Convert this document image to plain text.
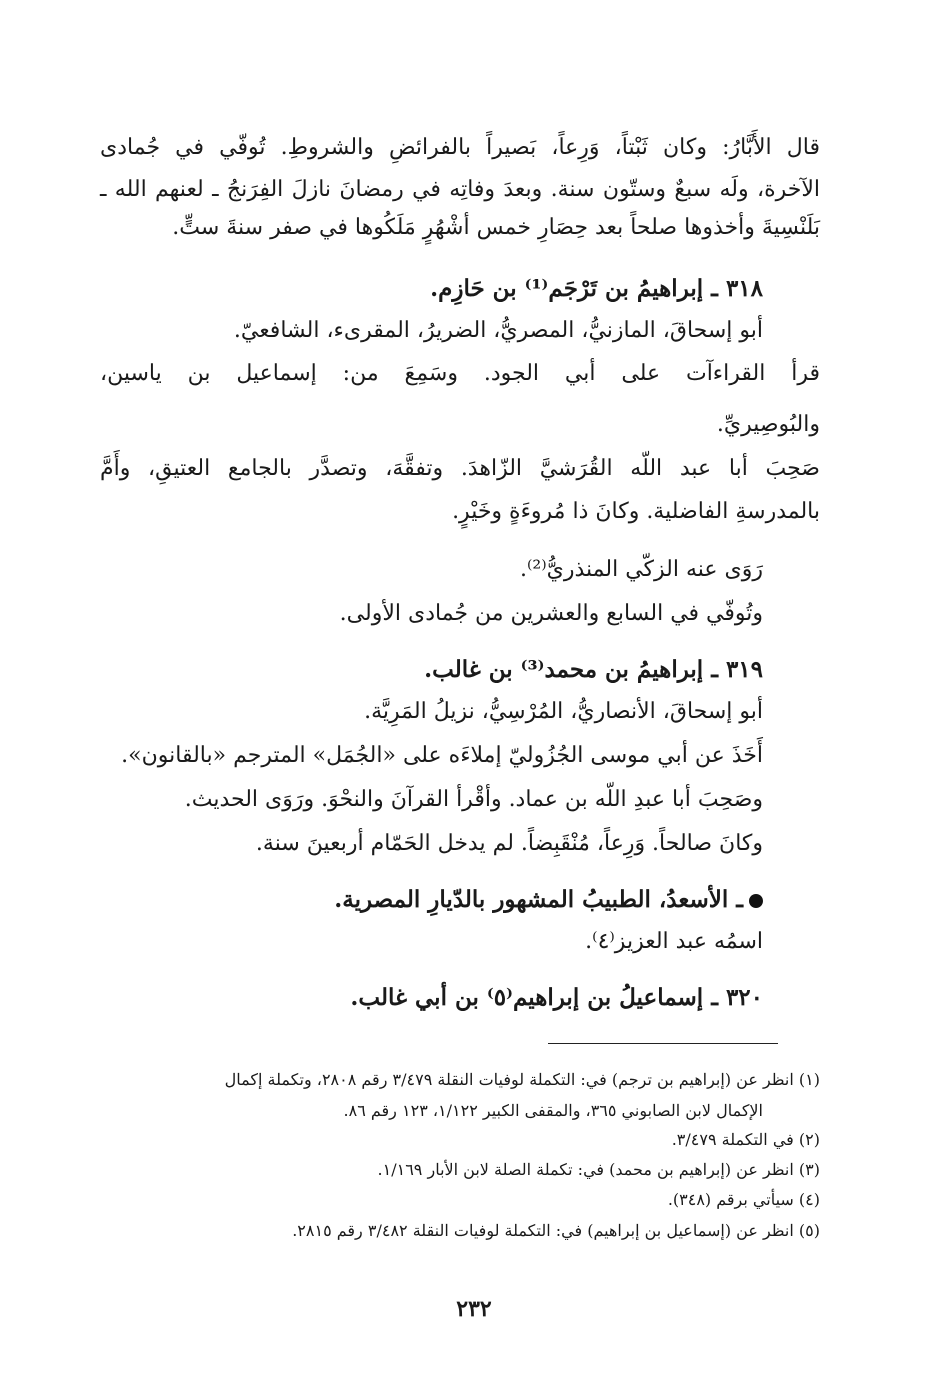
قال الأَبَّارُ: وكان ثَبْتاً، وَرِعاً، بَصيراً بالفرائضِ والشروطِ. تُوفّي في جُمادى
الآخرة، ولَه سبعٌ وستّون سنة. وبعدَ وفاتِه في رمضانَ نازلَ الفِرَنجُ ـ لعنهم الله ـ
بَلَنْسِيةَ وأخذوها صلحاً بعد حِصَارِ خمس أشْهُرٍ مَلَكُوها في صفر سنةَ ستٍّ.
٣١٨ ـ إبراهيمُ بن تَرْجَم⁽¹⁾ بن حَازِم.
أبو إسحاقَ، المازنيُّ، المصريُّ، الضريرُ، المقرىء، الشافعيّ.
قرأ القراءآت على أبي الجود. وسَمِعَ من: إسماعيل بن ياسين،
والبُوصِيريِّ.
صَحِبَ أبا عبد اللّه القُرَشيَّ الزّاهدَ. وتفقَّهَ، وتصدَّر بالجامع العتيقِ، وأَمَّ
بالمدرسةِ الفاضلية. وكانَ ذا مُروءَةٍ وخَيْرٍ.
رَوَى عنه الزكّي المنذريُّ⁽²⁾.
وتُوفّي في السابع والعشرين من جُمادى الأولى.
٣١٩ ـ إبراهيمُ بن محمد⁽³⁾ بن غالب.
أبو إسحاقَ، الأنصاريُّ، المُرْسِيُّ، نزيلُ المَرِيَّة.
أَخَذَ عن أبي موسى الجُزُوليّ إملاءَه على «الجُمَل» المترجم «بالقانون».
وصَحِبَ أبا عبدِ اللّه بن عماد. وأقْرأ القرآنَ والنحْوَ. ورَوَى الحديث.
وكانَ صالحاً. وَرِعاً، مُنْقَبِضاً. لم يدخل الحَمّام أربعينَ سنة.
ـ الأسعدُ، الطبيبُ المشهور بالدّيارِ المصرية.
اسمُه عبد العزيز⁽٤⁾.
٣٢٠ ـ إسماعيلُ بن إبراهيم⁽٥⁾ بن أبي غالب.
(١) انظر عن (إبراهيم بن ترجم) في: التكملة لوفيات النقلة ٣/٤٧٩ رقم ٢٨٠٨، وتكملة إكمال
الإكمال لابن الصابوني ٣٦٥، والمقفى الكبير ١/١٢٢، ١٢٣ رقم ٨٦.
(٢) في التكملة ٣/٤٧٩.
(٣) انظر عن (إبراهيم بن محمد) في: تكملة الصلة لابن الأبار ١/١٦٩.
(٤) سيأتي برقم (٣٤٨).
(٥) انظر عن (إسماعيل بن إبراهيم) في: التكملة لوفيات النقلة ٣/٤٨٢ رقم ٢٨١٥.
٢٣٢
